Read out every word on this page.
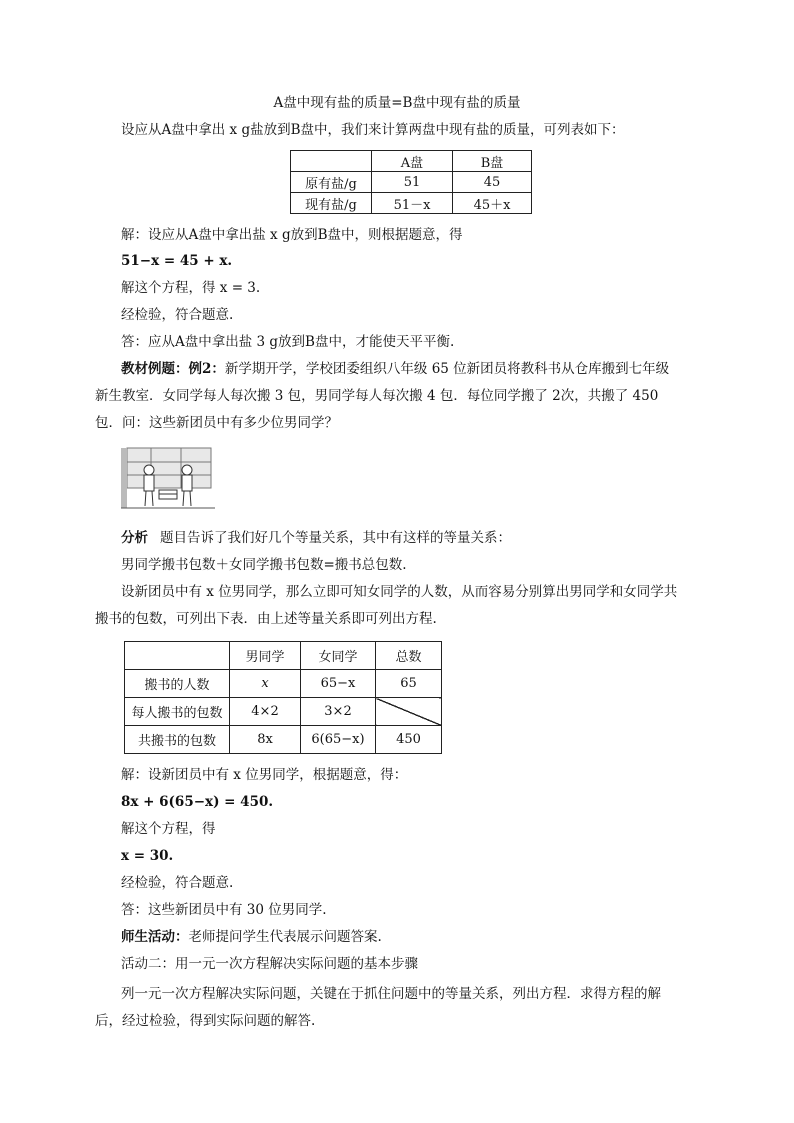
A盘中现有盐的质量=B盘中现有盐的质量
设应从A盘中拿出 x g盐放到B盘中，我们来计算两盘中现有盐的质量，可列表如下：
	A盘	B盘
原有盐/g	51	45
现有盐/g	51－x	45＋x
解：设应从A盘中拿出盐 x g放到B盘中，则根据题意，得
51−x = 45 + x.
解这个方程，得 x = 3.
经检验，符合题意.
答：应从A盘中拿出盐 3 g放到B盘中，才能使天平平衡.
教材例题：例2：新学期开学，学校团委组织八年级 65 位新团员将教科书从仓库搬到七年级
新生教室．女同学每人每次搬 3 包，男同学每人每次搬 4 包．每位同学搬了 2次，共搬了 450
包．问：这些新团员中有多少位男同学？
分析 题目告诉了我们好几个等量关系，其中有这样的等量关系：
男同学搬书包数＋女同学搬书包数=搬书总包数.
设新团员中有 x 位男同学，那么立即可知女同学的人数，从而容易分别算出男同学和女同学共
搬书的包数，可列出下表．由上述等量关系即可列出方程.
	男同学	女同学	总数
搬书的人数	x	65−x	65
每人搬书的包数	4×2	3×2	
共搬书的包数	8x	6(65−x)	450
解：设新团员中有 x 位男同学，根据题意，得：
8x + 6(65−x) = 450.
解这个方程，得
x = 30.
经检验，符合题意.
答：这些新团员中有 30 位男同学.
师生活动：老师提问学生代表展示问题答案.
活动二：用一元一次方程解决实际问题的基本步骤
列一元一次方程解决实际问题，关键在于抓住问题中的等量关系，列出方程．求得方程的解
后，经过检验，得到实际问题的解答.
